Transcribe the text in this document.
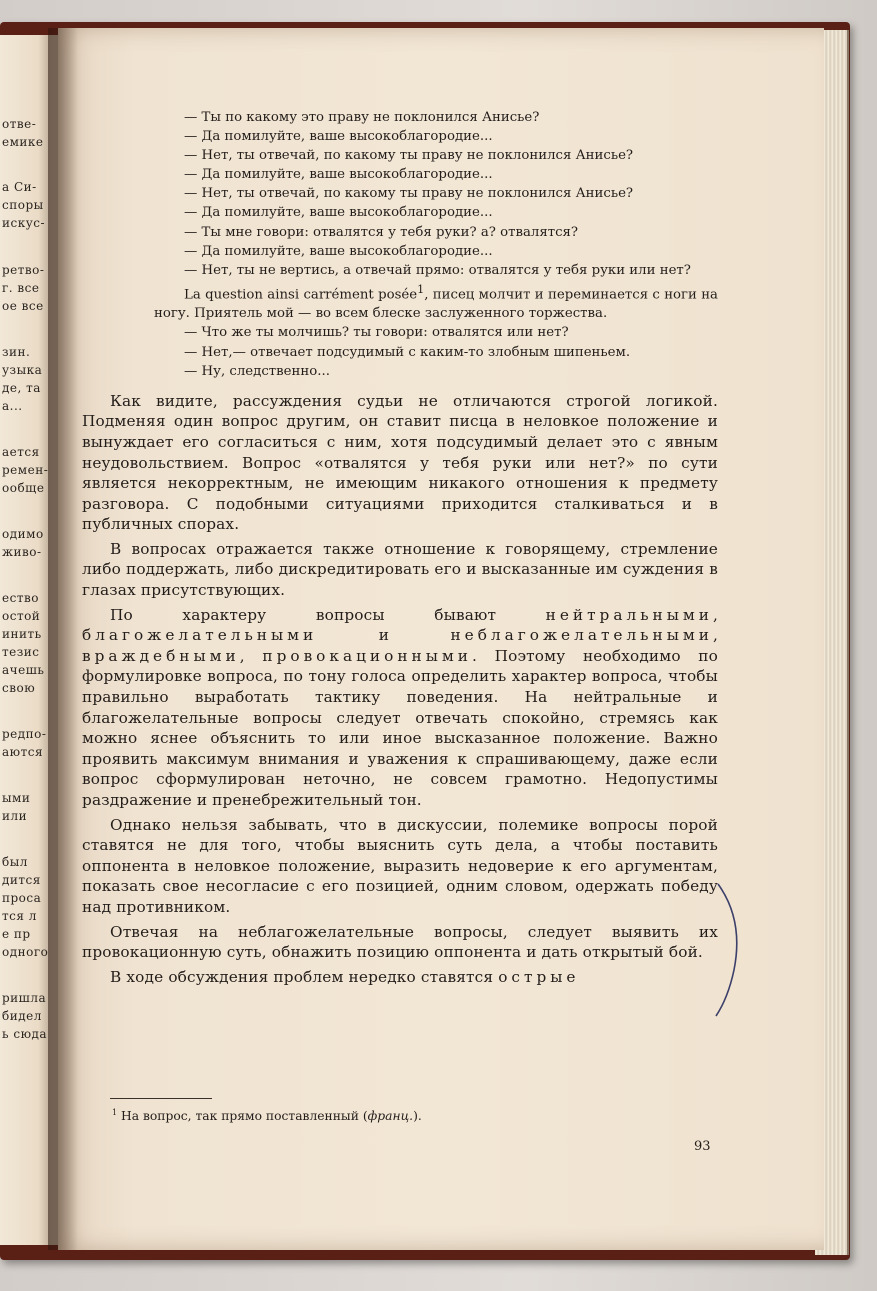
отве-
емике
а Си-
споры
искус-
ретво-
г. все
ое все
зин.
узыка
де, та
а...
ается
ремен-
ообще
одимо
живо-
ество
остой
инить
тезис
ачешь
свою
редпо-
аются
ыми
или
был
дится
проса
тся л
е пр
одного
ришла
бидел
ь сюда

— Ты по какому это праву не поклонился Анисье?

— Да помилуйте, ваше высокоблагородие...

— Нет, ты отвечай, по какому ты праву не поклонился Анисье?

— Да помилуйте, ваше высокоблагородие...

— Нет, ты отвечай, по какому ты праву не поклонился Анисье?

— Да помилуйте, ваше высокоблагородие...

— Ты мне говори: отвалятся у тебя руки? а? отвалятся?

— Да помилуйте, ваше высокоблагородие...

— Нет, ты не вертись, а отвечай прямо: отвалятся у тебя руки или нет?

La question ainsi carrément posée$^1$, писец молчит и переминается с ноги на ногу. Приятель мой — во всем блеске заслуженного торжества.

— Что же ты молчишь? ты говори: отвалятся или нет?

— Нет,— отвечает подсудимый с каким-то злобным шипеньем.

— Ну, следственно...

Как видите, рассуждения судьи не отличаются строгой логикой. Подменяя один вопрос другим, он ставит писца в неловкое положение и вынуждает его согласиться с ним, хотя подсудимый делает это с явным неудовольствием. Вопрос «отвалятся у тебя руки или нет?» по сути является некорректным, не имеющим никакого отношения к предмету разговора. С подобными ситуациями приходится сталкиваться и в публичных спорах.

В вопросах отражается также отношение к говорящему, стремление либо поддержать, либо дискредитировать его и высказанные им суждения в глазах присутствующих.

По характеру вопросы бывают нейтральными, благожелательными и неблагожелательными, враждебными, провокационными. Поэтому необходимо по формулировке вопроса, по тону голоса определить характер вопроса, чтобы правильно выработать тактику поведения. На нейтральные и благожелательные вопросы следует отвечать спокойно, стремясь как можно яснее объяснить то или иное высказанное положение. Важно проявить максимум внимания и уважения к спрашивающему, даже если вопрос сформулирован неточно, не совсем грамотно. Недопустимы раздражение и пренебрежительный тон.

Однако нельзя забывать, что в дискуссии, полемике вопросы порой ставятся не для того, чтобы выяснить суть дела, а чтобы поставить оппонента в неловкое положение, выразить недоверие к его аргументам, показать свое несогласие с его позицией, одним словом, одержать победу над противником.

Отвечая на неблагожелательные вопросы, следует выявить их провокационную суть, обнажить позицию оппонента и дать открытый бой.

В ходе обсуждения проблем нередко ставятся острые

$^1$ На вопрос, так прямо поставленный (франц.).
93
